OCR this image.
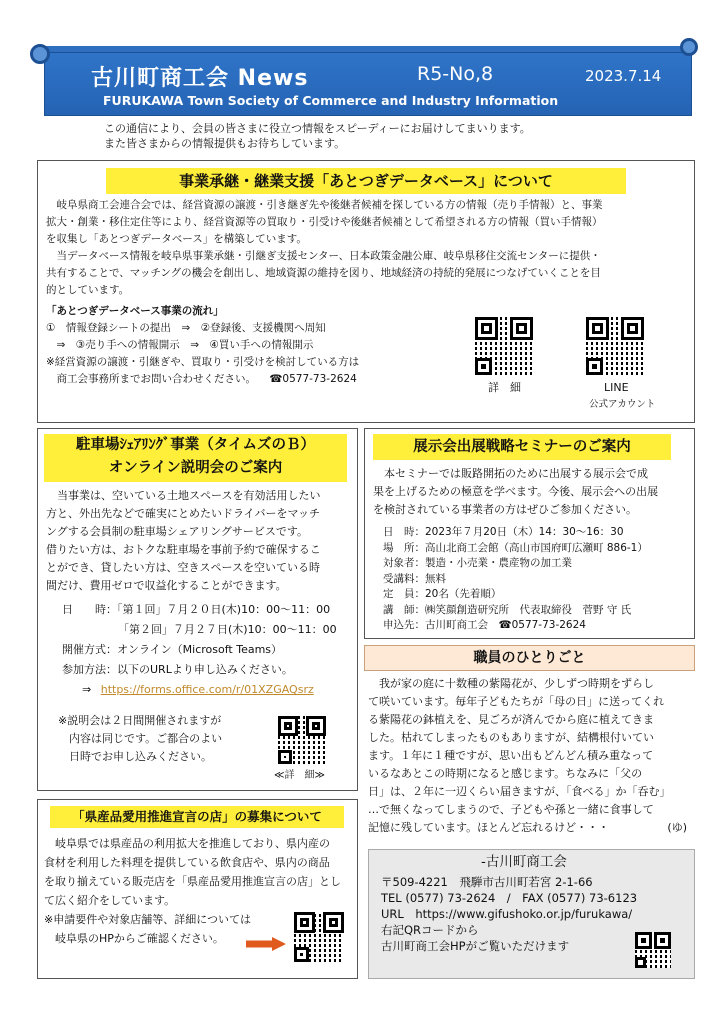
古川町商工会 News	R5-No,8	2023.7.14
FURUKAWA Town Society of Commerce and Industry Information
この通信により、会員の皆さまに役立つ情報をスピーディーにお届けしてまいります。
また皆さまからの情報提供もお待ちしています。
事業承継・継業支援「あとつぎデータベース」について
　岐阜県商工会連合会では、経営資源の譲渡・引き継ぎ先や後継者候補を探している方の情報（売り手情報）と、事業
拡大・創業・移住定住等により、経営資源等の買取り・引受けや後継者候補として希望される方の情報（買い手情報）
を収集し「あとつぎデータベース」を構築しています。
　当データベース情報を岐阜県事業承継・引継ぎ支援センター、日本政策金融公庫、岐阜県移住交流センターに提供・
共有することで、マッチングの機会を創出し、地域資源の維持を図り、地域経済の持続的発展につなげていくことを目
的としています。
「あとつぎデータベース事業の流れ」
①　情報登録シートの提出　⇒　②登録後、支援機関へ周知
　⇒　③売り手への情報開示　⇒　④買い手への情報開示
※経営資源の譲渡・引継ぎや、買取り・引受けを検討している方は
　商工会事務所までお問い合わせください。 ☎0577-73-2624
詳　細	LINE
公式アカウント
駐車場ｼｪｱﾘﾝｸﾞ事業（タイムズのＢ）
オンライン説明会のご案内
　当事業は、空いている土地スペースを有効活用したい
方と、外出先などで確実にとめたいドライバーをマッチ
ングする会員制の駐車場シェアリングサービスです。
借りたい方は、おトクな駐車場を事前予約で確保するこ
とができ、貸したい方は、空きスペースを空いている時
間だけ、費用ゼロで収益化することができます。
日　　時：「第１回」７月２０日(木)10：00～11：00
「第２回」７月２７日(木)10：00～11：00
開催方式：オンライン（Microsoft Teams）
参加方法：以下のURLより申し込みください。
⇒ https://forms.office.com/r/01XZGAQsrz
※説明会は２日間開催されますが
　内容は同じです。ご都合のよい
　日時でお申し込みください。
≪詳　細≫
展示会出展戦略セミナーのご案内
　本セミナーでは販路開拓のために出展する展示会で成
果を上げるための極意を学べます。今後、展示会への出展
を検討されている事業者の方はぜひご参加ください。
日　時：2023年７月20日（木）14：30～16：30
場　所：高山北商工会館（高山市国府町広瀬町 886-1）
対象者：製造・小売業・農産物の加工業
受講料：無料
定　員：20名（先着順）
講　師：㈱笑顔創造研究所　代表取締役　菅野 守 氏
申込先：古川町商工会　☎0577-73-2624
職員のひとりごと
　我が家の庭に十数種の紫陽花が、少しずつ時期をずらし
て咲いています。毎年子どもたちが「母の日」に送ってくれ
る紫陽花の鉢植えを、見ごろが済んでから庭に植えてきま
した。枯れてしまったものもありますが、結構根付いてい
ます。１年に１種ですが、思い出もどんどん積み重なって
いるなあとこの時期になると感じます。ちなみに「父の
日」は、２年に一辺くらい届きますが、「食べる」か「呑む」
…で無くなってしまうので、子どもや孫と一緒に食事して
記憶に残しています。ほとんど忘れるけど・・・	(ゆ)
「県産品愛用推進宣言の店」の募集について
　岐阜県では県産品の利用拡大を推進しており、県内産の
食材を利用した料理を提供している飲食店や、県内の商品
を取り揃えている販売店を「県産品愛用推進宣言の店」とし
て広く紹介をしています。
※申請要件や対象店舗等、詳細については
　岐阜県のHPからご確認ください。
-古川町商工会
〒509-4221　飛騨市古川町若宮 2-1-66
TEL (0577) 73-2624　/　FAX (0577) 73-6123
URL　https://www.gifushoko.or.jp/furukawa/
右記QRコードから
古川町商工会HPがご覧いただけます
